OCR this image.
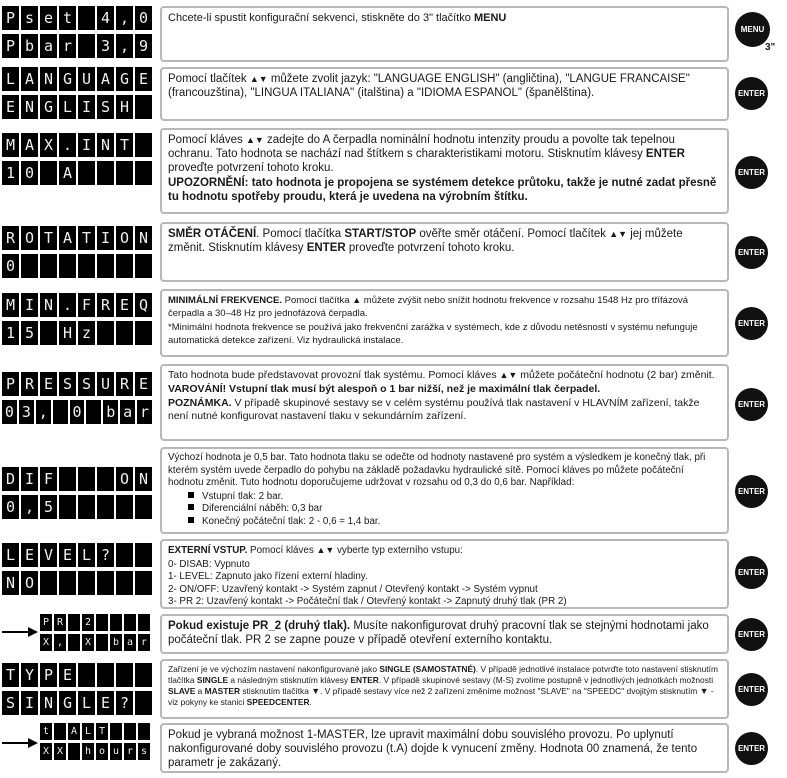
P s e t 4 , 0
P b a r 3 , 9
Chcete-li spustit konfigurační sekvenci, stiskněte do 3" tlačítko MENU
MENU
3"
L A N G U A G E
E N G L I S H
Pomocí tlačítek ▲▼ můžete zvolit jazyk: "LANGUAGE ENGLISH" (angličtina), "LANGUE FRANCAISE" (francouzština), "LINGUA ITALIANA" (italština) a "IDIOMA ESPANOL" (španělština).	ENTER
M A X . I N T
1 0 A

Pomocí kláves ▲▼ zadejte do A čerpadla nominální hodnotu intenzity proudu a povolte tak tepelnou ochranu. Tato hodnota se nachází nad štítkem s charakteristikami motoru. Stisknutím klávesy ENTER proveďte potvrzení tohoto kroku.

UPOZORNĚNÍ: tato hodnota je propojena se systémem detekce průtoku, takže je nutné zadat přesně tu hodnotu spotřeby proudu, která je uvedena na výrobním štítku.

ENTER
R O T A T I O N
0
SMĚR OTÁČENÍ. Pomocí tlačítka START/STOP ověřte směr otáčení. Pomocí tlačítek ▲▼ jej můžete změnit. Stisknutím klávesy ENTER proveďte potvrzení tohoto kroku.	ENTER
M I N . F R E Q
1 5 H z

MINIMÁLNÍ FREKVENCE. Pomocí tlačítka ▲ můžete zvýšit nebo snížit hodnotu frekvence v rozsahu 1548 Hz pro třífázová čerpadla a 30–48 Hz pro jednofázová čerpadla.

*Minimální hodnota frekvence se používá jako frekvenční zarážka v systémech, kde z důvodu netěsností v systému nefunguje automatická detekce zařízení. Viz hydraulická instalace.

ENTER
P R E S S U R E
0 3 , 0 b a r

Tato hodnota bude představovat provozní tlak systému. Pomocí kláves ▲▼ můžete počáteční hodnotu (2 bar) změnit.

VAROVÁNÍ! Vstupní tlak musí být alespoň o 1 bar nižší, než je maximální tlak čerpadel.

POZNÁMKA. V případě skupinové sestavy se v celém systému používá tlak nastavení v HLAVNÍM zařízení, takže není nutné konfigurovat nastavení tlaku v sekundárním zařízení.

ENTER
D I F	O N
0 , 5

Výchozí hodnota je 0,5 bar. Tato hodnota tlaku se odečte od hodnoty nastavené pro systém a výsledkem je konečný tlak, při kterém systém uvede čerpadlo do pohybu na základě požadavku hydraulické sítě. Pomocí kláves po můžete počáteční hodnotu změnit. Tuto hodnotu doporučujeme udržovat v rozsahu od 0,3 do 0,6 bar. Například:

Vstupní tlak: 2 bar.
Diferenciální náběh: 0,3 bar
Konečný počáteční tlak: 2 - 0,6 = 1,4 bar.
ENTER
L E V E L ?
N O

EXTERNÍ VSTUP. Pomocí kláves ▲▼ vyberte typ externího vstupu:

0- DISAB: Vypnuto
1- LEVEL: Zapnuto jako řízení externí hladiny.
2- ON/OFF: Uzavřený kontakt -> Systém zapnut / Otevřený kontakt -> Systém vypnut
3- PR 2: Uzavřený kontakt -> Počáteční tlak / Otevřený kontakt -> Zapnutý druhý tlak (PR 2)
ENTER
P R 2
X , X b a r
Pokud existuje PR_2 (druhý tlak). Musíte nakonfigurovat druhý pracovní tlak se stejnými hodnotami jako počáteční tlak. PR 2 se zapne pouze v případě otevření externího kontaktu.	ENTER
T Y P E
S I N G L E ?
Zařízení je ve výchozím nastavení nakonfigurované jako SINGLE (SAMOSTATNÉ). V případě jednotlivé instalace potvrďte toto nastavení stisknutím tlačítka SINGLE a následným stisknutím klávesy ENTER. V případě skupinové sestavy (M-S) zvolíme postupně v jednotlivých jednotkách možnosti SLAVE a MASTER stisknutím tlačítka ▼. V případě sestavy více než 2 zařízení změníme možnost "SLAVE" na "SPEEDC" dvojitým stisknutím ▼ - viz pokyny ke stanici SPEEDCENTER.
ENTER
t A L T
X X h o u r s
Pokud je vybraná možnost 1-MASTER, lze upravit maximální dobu souvislého provozu. Po uplynutí nakonfigurované doby souvislého provozu (t.A) dojde k vynucení změny. Hodnota 00 znamená, že tento parametr je zakázaný.
ENTER
